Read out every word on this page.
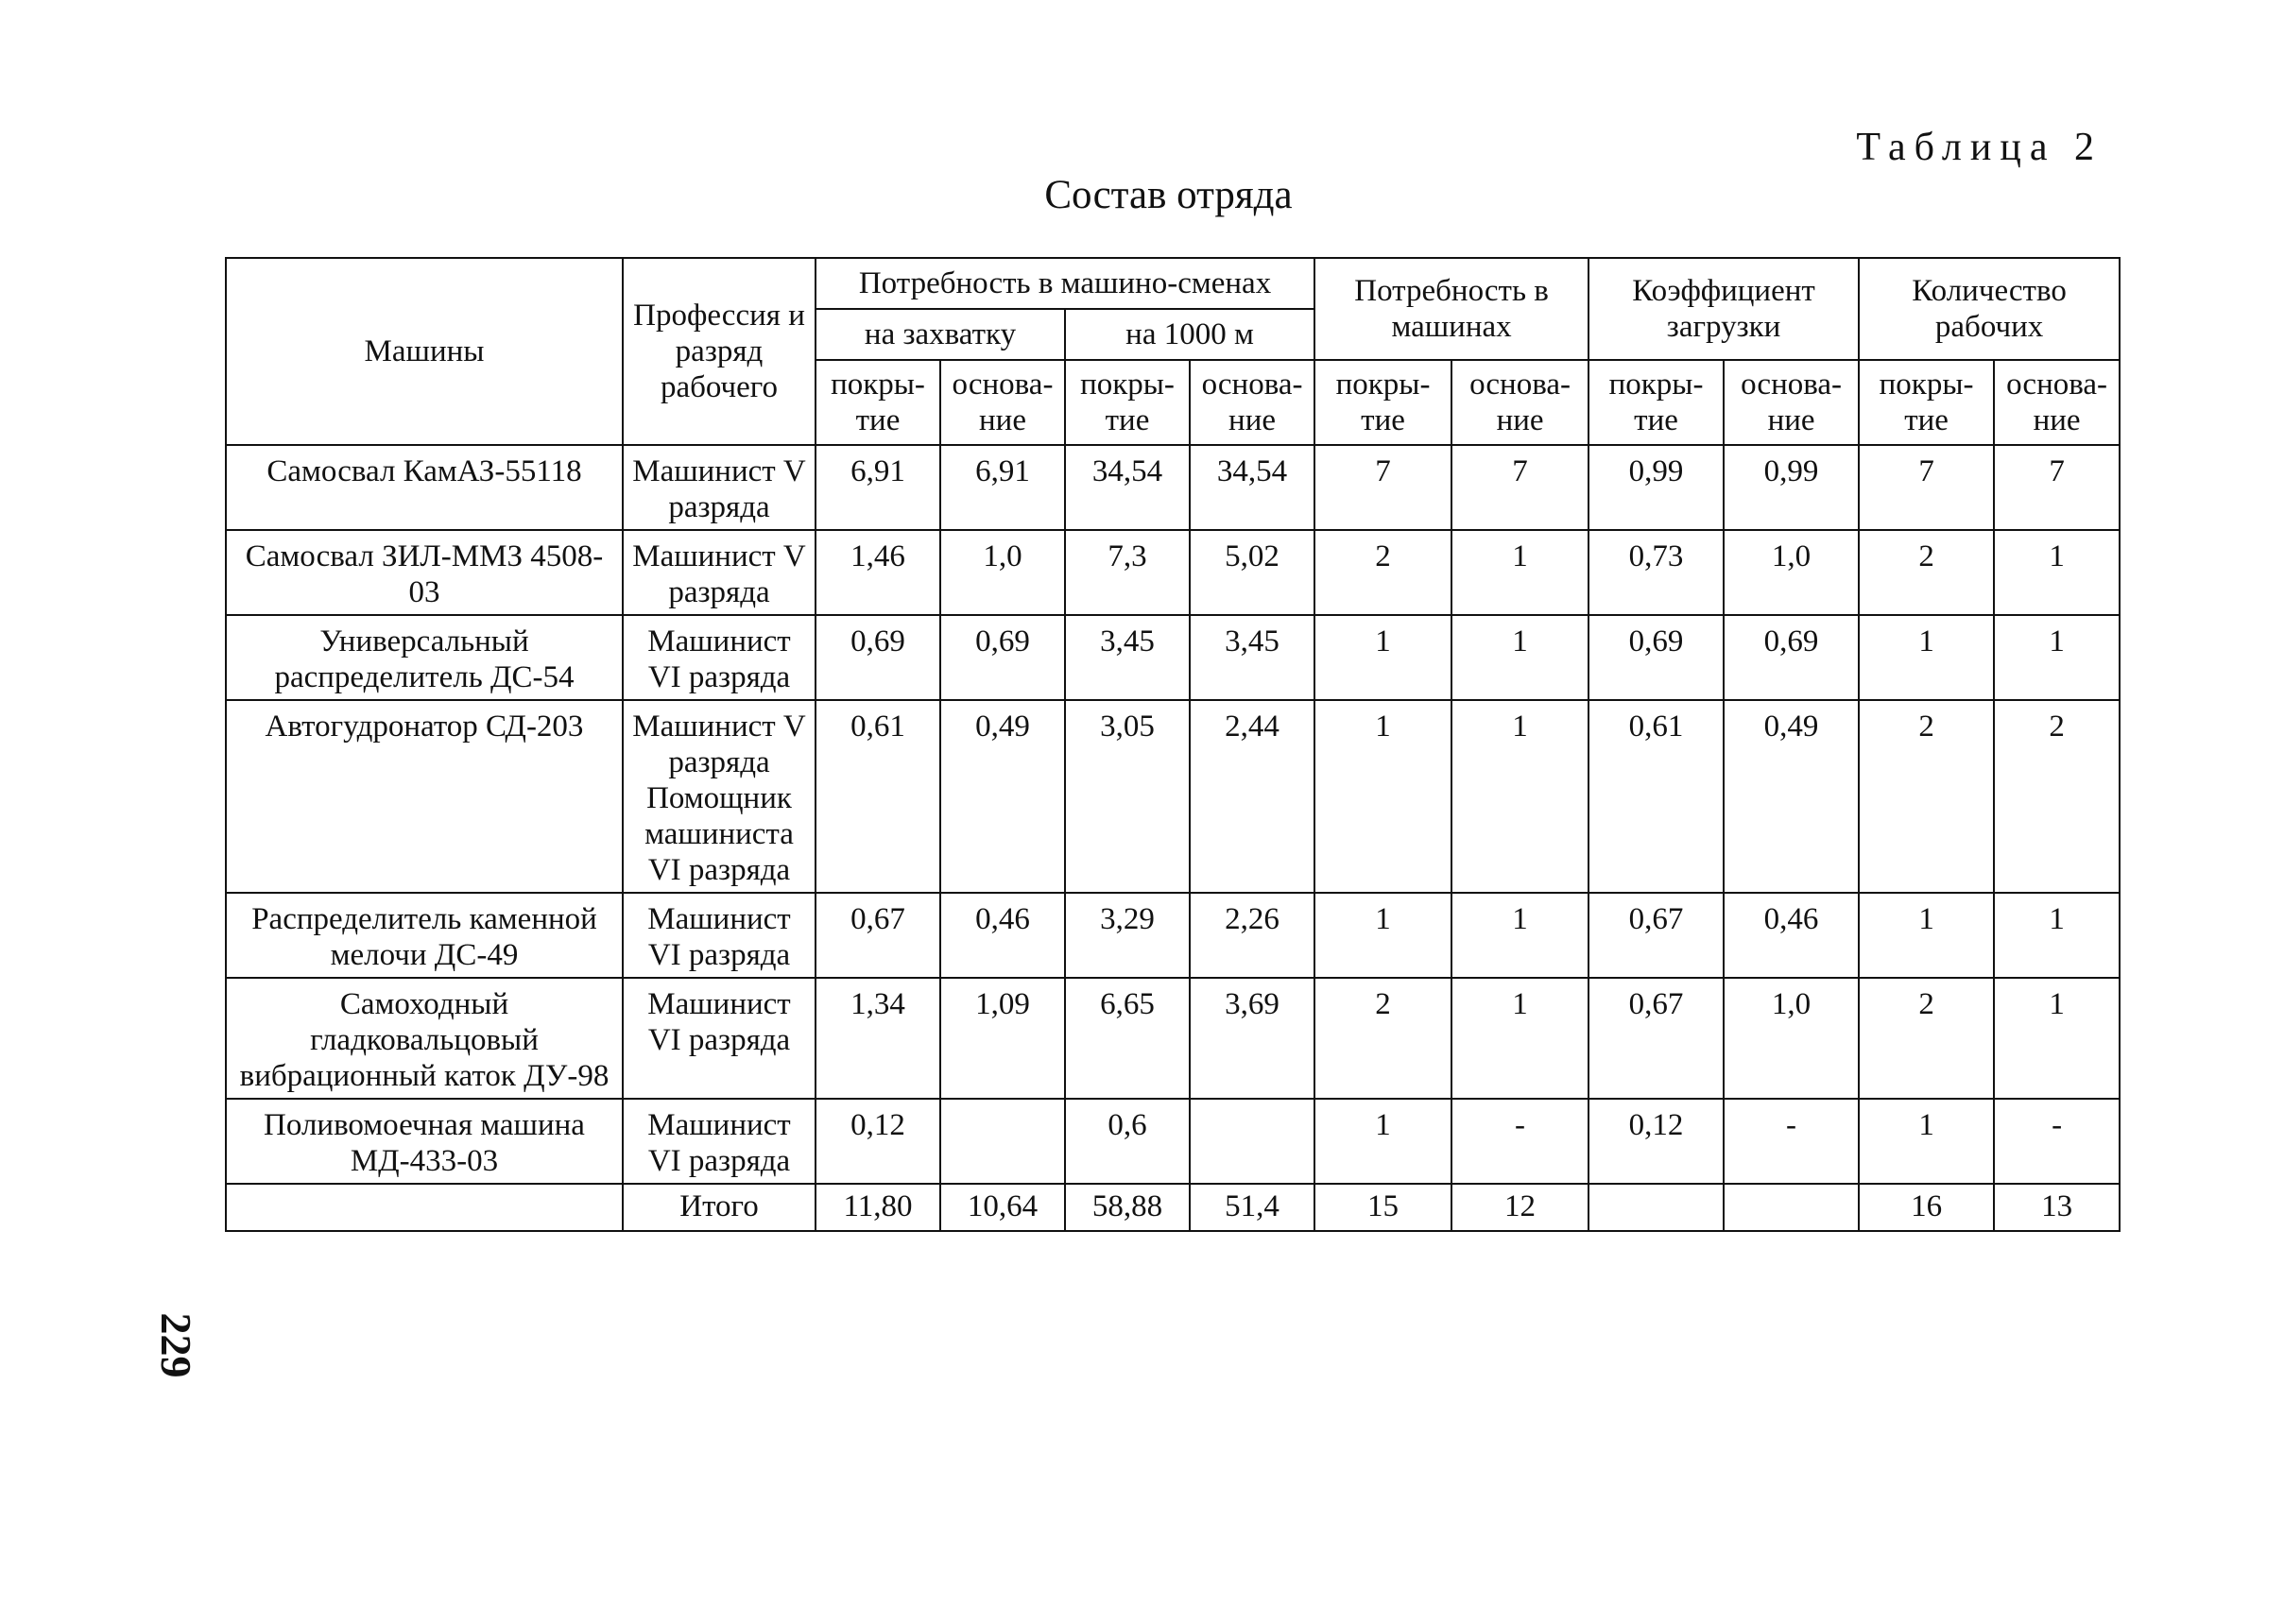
Таблица 2
Состав отряда
Машины	Профессия и разряд рабочего	Потребность в машино-сменах				Потребность в машинах		Коэффициент загрузки		Количество рабочих	
		на захватку		на 1000 м							
		покры-тие	основа-ние	покры-тие	основа-ние	покры-тие	основа-ние	покры-тие	основа-ние	покры-тие	основа-ние
Самосвал КамАЗ-55118	Машинист V разряда	6,91	6,91	34,54	34,54	7	7	0,99	0,99	7	7
Самосвал ЗИЛ-ММЗ 4508-03	Машинист V разряда	1,46	1,0	7,3	5,02	2	1	0,73	1,0	2	1
Универсальный распределитель ДС-54	Машинист VI разряда	0,69	0,69	3,45	3,45	1	1	0,69	0,69	1	1
Автогудронатор СД-203	Машинист V разряда Помощник машиниста VI разряда	0,61	0,49	3,05	2,44	1	1	0,61	0,49	2	2
Распределитель каменной мелочи ДС-49	Машинист VI разряда	0,67	0,46	3,29	2,26	1	1	0,67	0,46	1	1
Самоходный гладковальцовый вибрационный каток ДУ-98	Машинист VI разряда	1,34	1,09	6,65	3,69	2	1	0,67	1,0	2	1
Поливомоечная машина МД-433-03	Машинист VI разряда	0,12		0,6		1	-	0,12	-	1	-
	Итого	11,80	10,64	58,88	51,4	15	12			16	13
229
